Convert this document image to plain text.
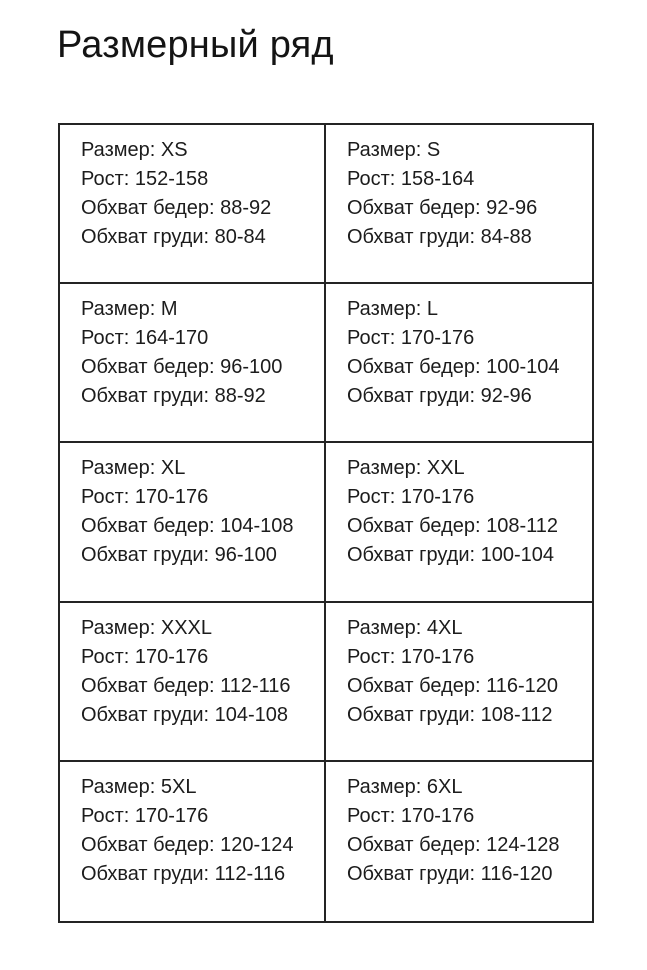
Размерный ряд
Размер: XS
Рост: 152-158
Обхват бедер: 88-92
Обхват груди: 80-84
Размер: S
Рост: 158-164
Обхват бедер: 92-96
Обхват груди: 84-88
Размер: M
Рост: 164-170
Обхват бедер: 96-100
Обхват груди: 88-92
Размер: L
Рост: 170-176
Обхват бедер: 100-104
Обхват груди: 92-96
Размер: XL
Рост: 170-176
Обхват бедер: 104-108
Обхват груди: 96-100
Размер: XXL
Рост: 170-176
Обхват бедер: 108-112
Обхват груди: 100-104
Размер: XXXL
Рост: 170-176
Обхват бедер: 112-116
Обхват груди: 104-108
Размер: 4XL
Рост: 170-176
Обхват бедер: 116-120
Обхват груди: 108-112
Размер: 5XL
Рост: 170-176
Обхват бедер: 120-124
Обхват груди: 112-116
Размер: 6XL
Рост: 170-176
Обхват бедер: 124-128
Обхват груди: 116-120
